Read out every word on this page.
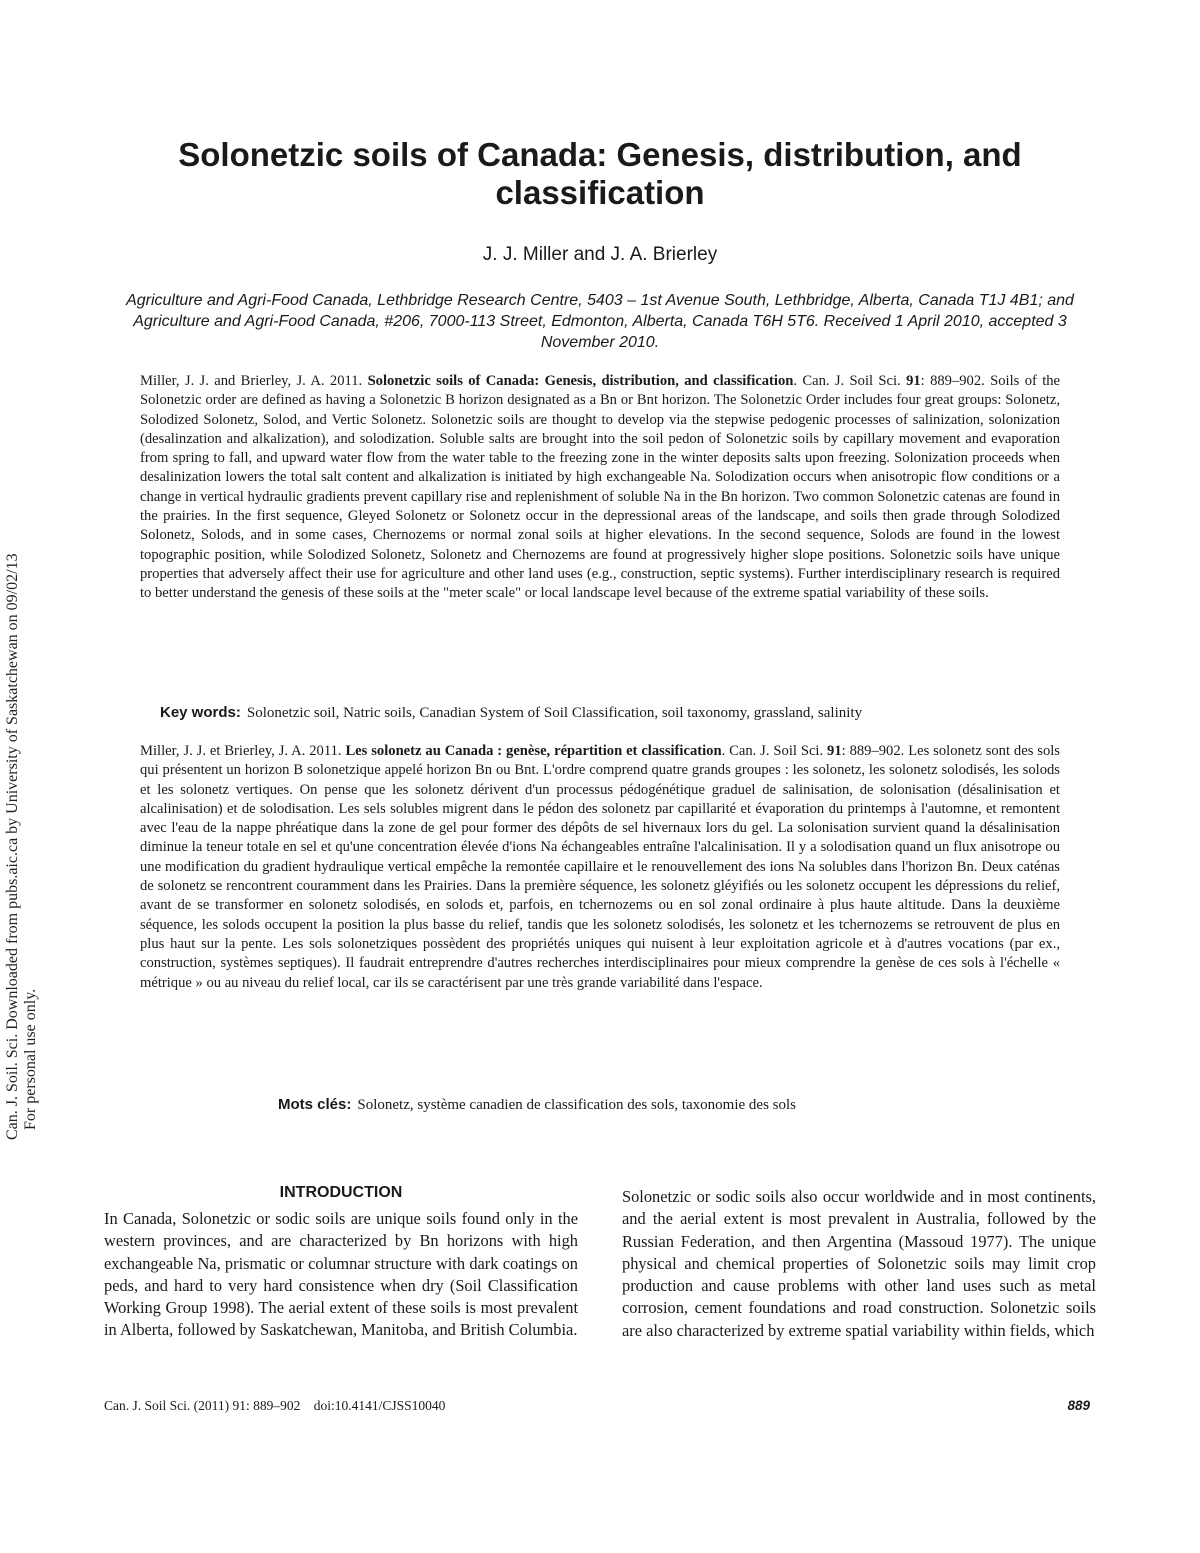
Can. J. Soil. Sci. Downloaded from pubs.aic.ca by University of Saskatchewan on 09/02/13 For personal use only.
Solonetzic soils of Canada: Genesis, distribution, and classification
J. J. Miller and J. A. Brierley
Agriculture and Agri-Food Canada, Lethbridge Research Centre, 5403 – 1st Avenue South, Lethbridge, Alberta, Canada T1J 4B1; and Agriculture and Agri-Food Canada, #206, 7000-113 Street, Edmonton, Alberta, Canada T6H 5T6. Received 1 April 2010, accepted 3 November 2010.
Miller, J. J. and Brierley, J. A. 2011. Solonetzic soils of Canada: Genesis, distribution, and classification. Can. J. Soil Sci. 91: 889–902. Soils of the Solonetzic order are defined as having a Solonetzic B horizon designated as a Bn or Bnt horizon. The Solonetzic Order includes four great groups: Solonetz, Solodized Solonetz, Solod, and Vertic Solonetz. Solonetzic soils are thought to develop via the stepwise pedogenic processes of salinization, solonization (desalinzation and alkalization), and solodization. Soluble salts are brought into the soil pedon of Solonetzic soils by capillary movement and evaporation from spring to fall, and upward water flow from the water table to the freezing zone in the winter deposits salts upon freezing. Solonization proceeds when desalinization lowers the total salt content and alkalization is initiated by high exchangeable Na. Solodization occurs when anisotropic flow conditions or a change in vertical hydraulic gradients prevent capillary rise and replenishment of soluble Na in the Bn horizon. Two common Solonetzic catenas are found in the prairies. In the first sequence, Gleyed Solonetz or Solonetz occur in the depressional areas of the landscape, and soils then grade through Solodized Solonetz, Solods, and in some cases, Chernozems or normal zonal soils at higher elevations. In the second sequence, Solods are found in the lowest topographic position, while Solodized Solonetz, Solonetz and Chernozems are found at progressively higher slope positions. Solonetzic soils have unique properties that adversely affect their use for agriculture and other land uses (e.g., construction, septic systems). Further interdisciplinary research is required to better understand the genesis of these soils at the "meter scale" or local landscape level because of the extreme spatial variability of these soils.
Key words: Solonetzic soil, Natric soils, Canadian System of Soil Classification, soil taxonomy, grassland, salinity
Miller, J. J. et Brierley, J. A. 2011. Les solonetz au Canada : genèse, répartition et classification. Can. J. Soil Sci. 91: 889–902. Les solonetz sont des sols qui présentent un horizon B solonetzique appelé horizon Bn ou Bnt. L'ordre comprend quatre grands groupes : les solonetz, les solonetz solodisés, les solods et les solonetz vertiques. On pense que les solonetz dérivent d'un processus pédogénétique graduel de salinisation, de solonisation (désalinisation et alcalinisation) et de solodisation. Les sels solubles migrent dans le pédon des solonetz par capillarité et évaporation du printemps à l'automne, et remontent avec l'eau de la nappe phréatique dans la zone de gel pour former des dépôts de sel hivernaux lors du gel. La solonisation survient quand la désalinisation diminue la teneur totale en sel et qu'une concentration élevée d'ions Na échangeables entraîne l'alcalinisation. Il y a solodisation quand un flux anisotrope ou une modification du gradient hydraulique vertical empêche la remontée capillaire et le renouvellement des ions Na solubles dans l'horizon Bn. Deux caténas de solonetz se rencontrent couramment dans les Prairies. Dans la première séquence, les solonetz gléyifiés ou les solonetz occupent les dépressions du relief, avant de se transformer en solonetz solodisés, en solods et, parfois, en tchernozems ou en sol zonal ordinaire à plus haute altitude. Dans la deuxième séquence, les solods occupent la position la plus basse du relief, tandis que les solonetz solodisés, les solonetz et les tchernozems se retrouvent de plus en plus haut sur la pente. Les sols solonetziques possèdent des propriétés uniques qui nuisent à leur exploitation agricole et à d'autres vocations (par ex., construction, systèmes septiques). Il faudrait entreprendre d'autres recherches interdisciplinaires pour mieux comprendre la genèse de ces sols à l'échelle « métrique » ou au niveau du relief local, car ils se caractérisent par une très grande variabilité dans l'espace.
Mots clés: Solonetz, système canadien de classification des sols, taxonomie des sols
INTRODUCTION
In Canada, Solonetzic or sodic soils are unique soils found only in the western provinces, and are characterized by Bn horizons with high exchangeable Na, prismatic or columnar structure with dark coatings on peds, and hard to very hard consistence when dry (Soil Classification Working Group 1998). The aerial extent of these soils is most prevalent in Alberta, followed by Saskatchewan, Manitoba, and British Columbia.
Solonetzic or sodic soils also occur worldwide and in most continents, and the aerial extent is most prevalent in Australia, followed by the Russian Federation, and then Argentina (Massoud 1977). The unique physical and chemical properties of Solonetzic soils may limit crop production and cause problems with other land uses such as metal corrosion, cement foundations and road construction. Solonetzic soils are also characterized by extreme spatial variability within fields, which
Can. J. Soil Sci. (2011) 91: 889–902 doi:10.4141/CJSS10040	889
